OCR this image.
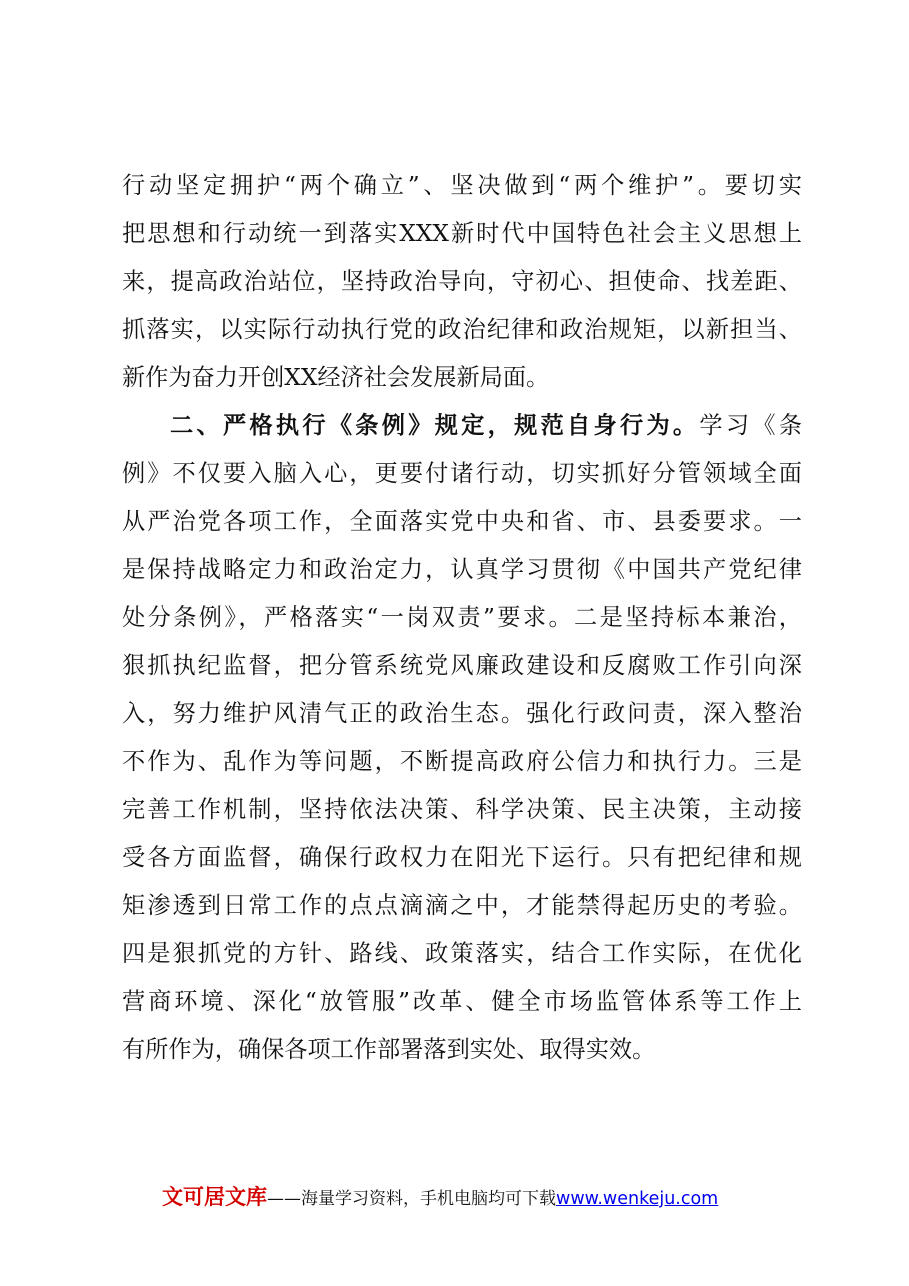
行动坚定拥护“两个确立”、坚决做到“两个维护”。要切实
把思想和行动统一到落实XXX新时代中国特色社会主义思想上
来，提高政治站位，坚持政治导向，守初心、担使命、找差距、
抓落实，以实际行动执行党的政治纪律和政治规矩，以新担当、
新作为奋力开创XX经济社会发展新局面。
二、严格执行《条例》规定，规范自身行为。学习《条
例》不仅要入脑入心，更要付诸行动，切实抓好分管领域全面
从严治党各项工作，全面落实党中央和省、市、县委要求。一
是保持战略定力和政治定力，认真学习贯彻《中国共产党纪律
处分条例》，严格落实“一岗双责”要求。二是坚持标本兼治，
狠抓执纪监督，把分管系统党风廉政建设和反腐败工作引向深
入，努力维护风清气正的政治生态。强化行政问责，深入整治
不作为、乱作为等问题，不断提高政府公信力和执行力。三是
完善工作机制，坚持依法决策、科学决策、民主决策，主动接
受各方面监督，确保行政权力在阳光下运行。只有把纪律和规
矩渗透到日常工作的点点滴滴之中，才能禁得起历史的考验。
四是狠抓党的方针、路线、政策落实，结合工作实际，在优化
营商环境、深化“放管服”改革、健全市场监管体系等工作上
有所作为，确保各项工作部署落到实处、取得实效。
文可居文库——海量学习资料，手机电脑均可下载www.wenkeju.com
